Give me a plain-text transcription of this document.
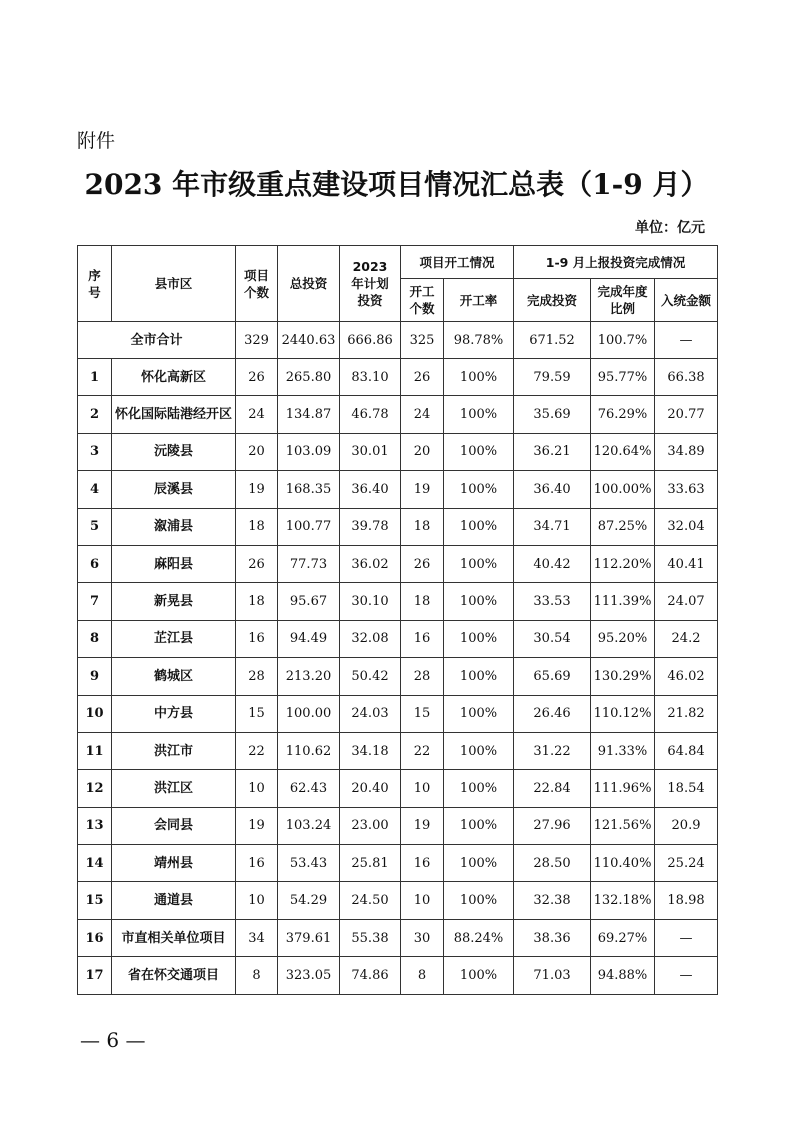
附件
2023 年市级重点建设项目情况汇总表（1-9 月）
单位：亿元
序号	县市区	项目个数	总投资	2023 年计划投资	项目开工情况		1-9 月上报投资完成情况		

					开工个数	开工率	完成投资	完成年度比例	入统金额
全市合计		329	2440.63	666.86	325	98.78%	671.52	100.7%	—
1	怀化高新区	26	265.80	83.10	26	100%	79.59	95.77%	66.38
2	怀化国际陆港经开区	24	134.87	46.78	24	100%	35.69	76.29%	20.77
3	沅陵县	20	103.09	30.01	20	100%	36.21	120.64%	34.89
4	辰溪县	19	168.35	36.40	19	100%	36.40	100.00%	33.63
5	溆浦县	18	100.77	39.78	18	100%	34.71	87.25%	32.04
6	麻阳县	26	77.73	36.02	26	100%	40.42	112.20%	40.41
7	新晃县	18	95.67	30.10	18	100%	33.53	111.39%	24.07
8	芷江县	16	94.49	32.08	16	100%	30.54	95.20%	24.2
9	鹤城区	28	213.20	50.42	28	100%	65.69	130.29%	46.02
10	中方县	15	100.00	24.03	15	100%	26.46	110.12%	21.82
11	洪江市	22	110.62	34.18	22	100%	31.22	91.33%	64.84
12	洪江区	10	62.43	20.40	10	100%	22.84	111.96%	18.54
13	会同县	19	103.24	23.00	19	100%	27.96	121.56%	20.9
14	靖州县	16	53.43	25.81	16	100%	28.50	110.40%	25.24
15	通道县	10	54.29	24.50	10	100%	32.38	132.18%	18.98
16	市直相关单位项目	34	379.61	55.38	30	88.24%	38.36	69.27%	—
17	省在怀交通项目	8	323.05	74.86	8	100%	71.03	94.88%	—
— 6 —
